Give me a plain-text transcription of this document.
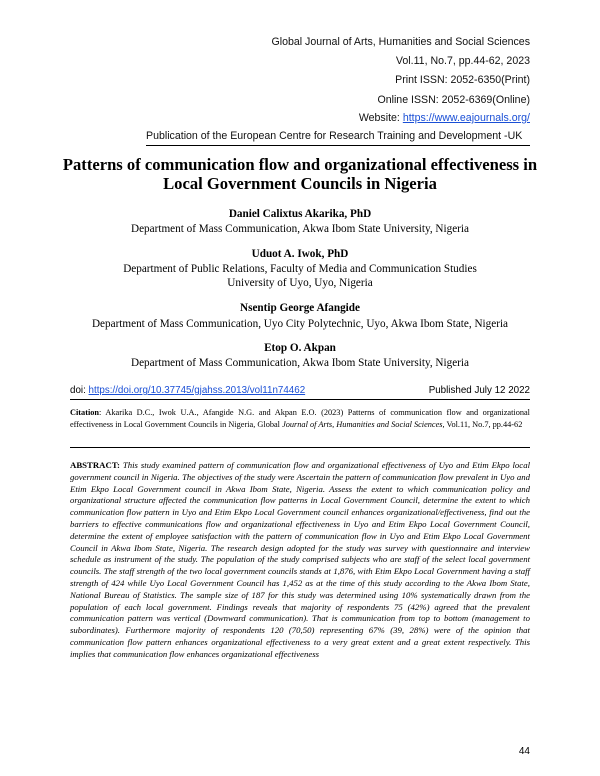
Global Journal of Arts, Humanities and Social Sciences
Vol.11, No.7, pp.44-62, 2023
Print ISSN: 2052-6350(Print)
Online ISSN: 2052-6369(Online)
Website: https://www.eajournals.org/
Publication of the European Centre for Research Training and Development -UK
Patterns of communication flow and organizational effectiveness in
Local Government Councils in Nigeria
Daniel Calixtus Akarika, PhD
Department of Mass Communication, Akwa Ibom State University, Nigeria
Uduot A. Iwok, PhD
Department of Public Relations, Faculty of Media and Communication Studies
University of Uyo, Uyo, Nigeria
Nsentip George Afangide
Department of Mass Communication, Uyo City Polytechnic, Uyo, Akwa Ibom State, Nigeria
Etop O. Akpan
Department of Mass Communication, Akwa Ibom State University, Nigeria
doi: https://doi.org/10.37745/gjahss.2013/vol11n74462	Published July 12 2022
Citation: Akarika D.C., Iwok U.A., Afangide N.G. and Akpan E.O. (2023) Patterns of communication flow and organizational effectiveness in Local Government Councils in Nigeria, Global Journal of Arts, Humanities and Social Sciences, Vol.11, No.7, pp.44-62
ABSTRACT: This study examined pattern of communication flow and organizational effectiveness of Uyo and Etim Ekpo local government council in Nigeria. The objectives of the study were Ascertain the pattern of communication flow prevalent in Uyo and Etim Ekpo Local Government council in Akwa Ibom State, Nigeria. Assess the extent to which communication policy and organizational structure affected the communication flow patterns in Local Government Council, determine the extent to which communication flow pattern in Uyo and Etim Ekpo Local Government council enhances organizational/effectiveness, find out the barriers to effective communications flow and organizational effectiveness in Uyo and Etim Ekpo Local Government Council, determine the extent of employee satisfaction with the pattern of communication flow in Uyo and Etim Ekpo Local Government Council in Akwa Ibom State, Nigeria. The research design adopted for the study was survey with questionnaire and interview schedule as instrument of the study. The population of the study comprised subjects who are staff of the select local government councils. The staff strength of the two local government councils stands at 1,876, with Etim Ekpo Local Government having a staff strength of 424 while Uyo Local Government Council has 1,452 as at the time of this study according to the Akwa Ibom State, National Bureau of Statistics. The sample size of 187 for this study was determined using 10% systematically drawn from the population of each local government. Findings reveals that majority of respondents 75 (42%) agreed that the prevalent communication pattern was vertical (Downward communication). That is communication from top to bottom (management to subordinates). Furthermore majority of respondents 120 (70,50) representing 67% (39, 28%) were of the opinion that communication flow pattern enhances organizational effectiveness to a very great extent and a great extent respectively. This implies that communication flow enhances organizational effectiveness
44
